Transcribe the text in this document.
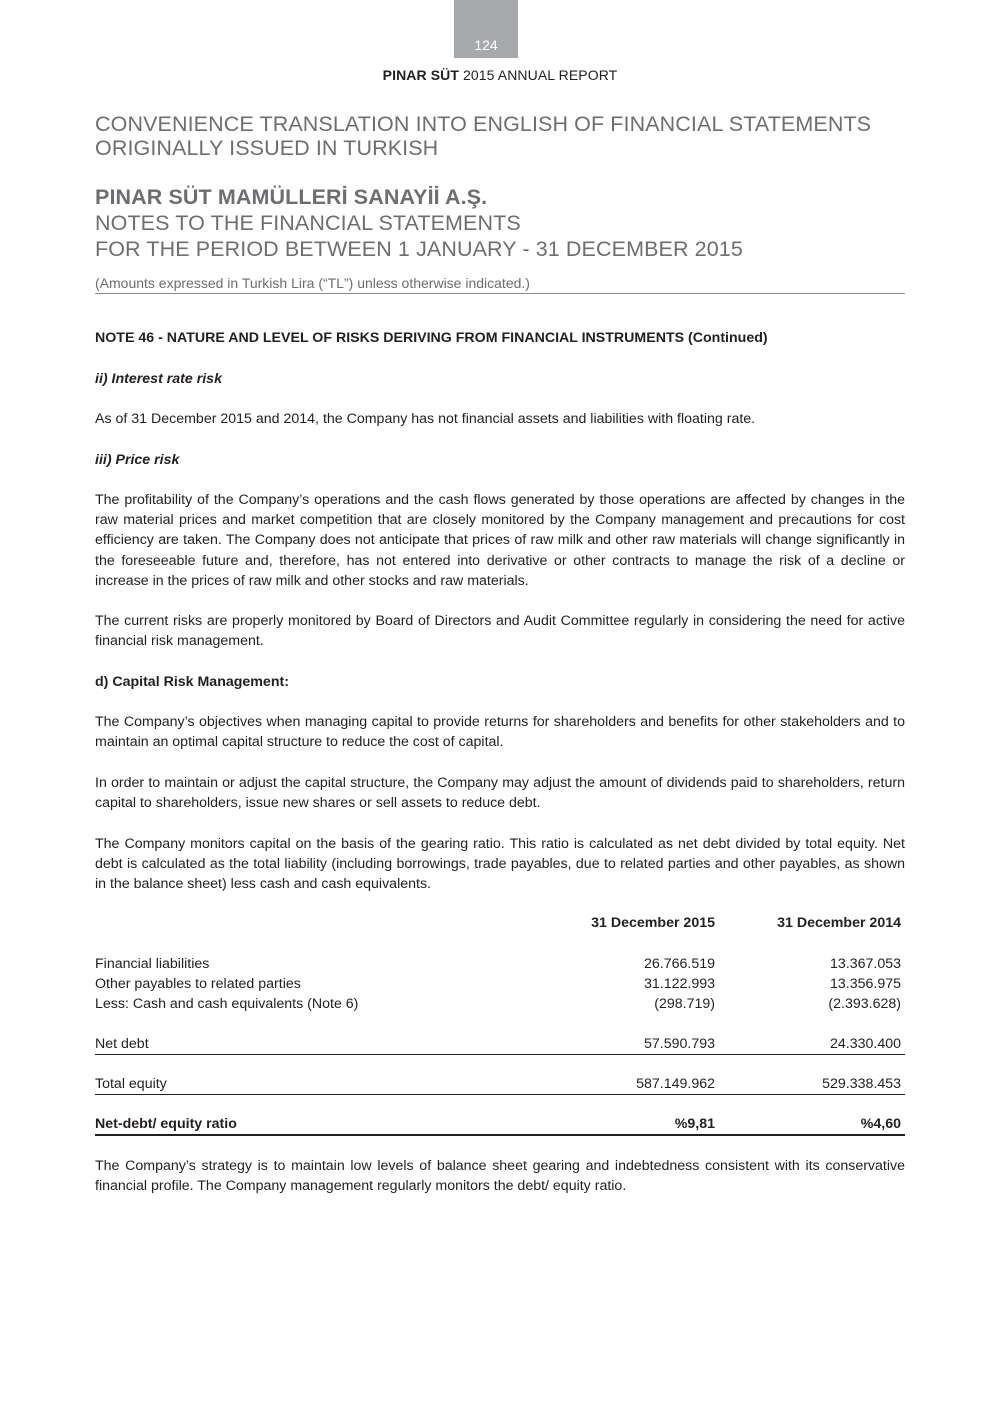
124
PINAR SÜT 2015 ANNUAL REPORT
CONVENIENCE TRANSLATION INTO ENGLISH OF FINANCIAL STATEMENTS
ORIGINALLY ISSUED IN TURKISH
PINAR SÜT MAMÜLLERİ SANAYİİ A.Ş.
NOTES TO THE FINANCIAL STATEMENTS
FOR THE PERIOD BETWEEN 1 JANUARY - 31 DECEMBER 2015
(Amounts expressed in Turkish Lira (“TL”) unless otherwise indicated.)
NOTE 46 - NATURE AND LEVEL OF RISKS DERIVING FROM FINANCIAL INSTRUMENTS (Continued)
ii) Interest rate risk
As of 31 December 2015 and 2014, the Company has not financial assets and liabilities with floating rate.
iii) Price risk
The profitability of the Company’s operations and the cash flows generated by those operations are affected by changes in the raw material prices and market competition that are closely monitored by the Company management and precautions for cost efficiency are taken. The Company does not anticipate that prices of raw milk and other raw materials will change significantly in the foreseeable future and, therefore, has not entered into derivative or other contracts to manage the risk of a decline or increase in the prices of raw milk and other stocks and raw materials.
The current risks are properly monitored by Board of Directors and Audit Committee regularly in considering the need for active financial risk management.
d) Capital Risk Management:
The Company’s objectives when managing capital to provide returns for shareholders and benefits for other stakeholders and to maintain an optimal capital structure to reduce the cost of capital.
In order to maintain or adjust the capital structure, the Company may adjust the amount of dividends paid to shareholders, return capital to shareholders, issue new shares or sell assets to reduce debt.
The Company monitors capital on the basis of the gearing ratio. This ratio is calculated as net debt divided by total equity. Net debt is calculated as the total liability (including borrowings, trade payables, due to related parties and other payables, as shown in the balance sheet) less cash and cash equivalents.
31 December 2015	31 December 2014
Financial liabilities	26.766.519	13.367.053
Other payables to related parties	31.122.993	13.356.975
Less: Cash and cash equivalents (Note 6)	(298.719)	(2.393.628)
Net debt	57.590.793	24.330.400
Total equity	587.149.962	529.338.453
Net-debt/ equity ratio	%9,81	%4,60
The Company’s strategy is to maintain low levels of balance sheet gearing and indebtedness consistent with its conservative financial profile. The Company management regularly monitors the debt/ equity ratio.
